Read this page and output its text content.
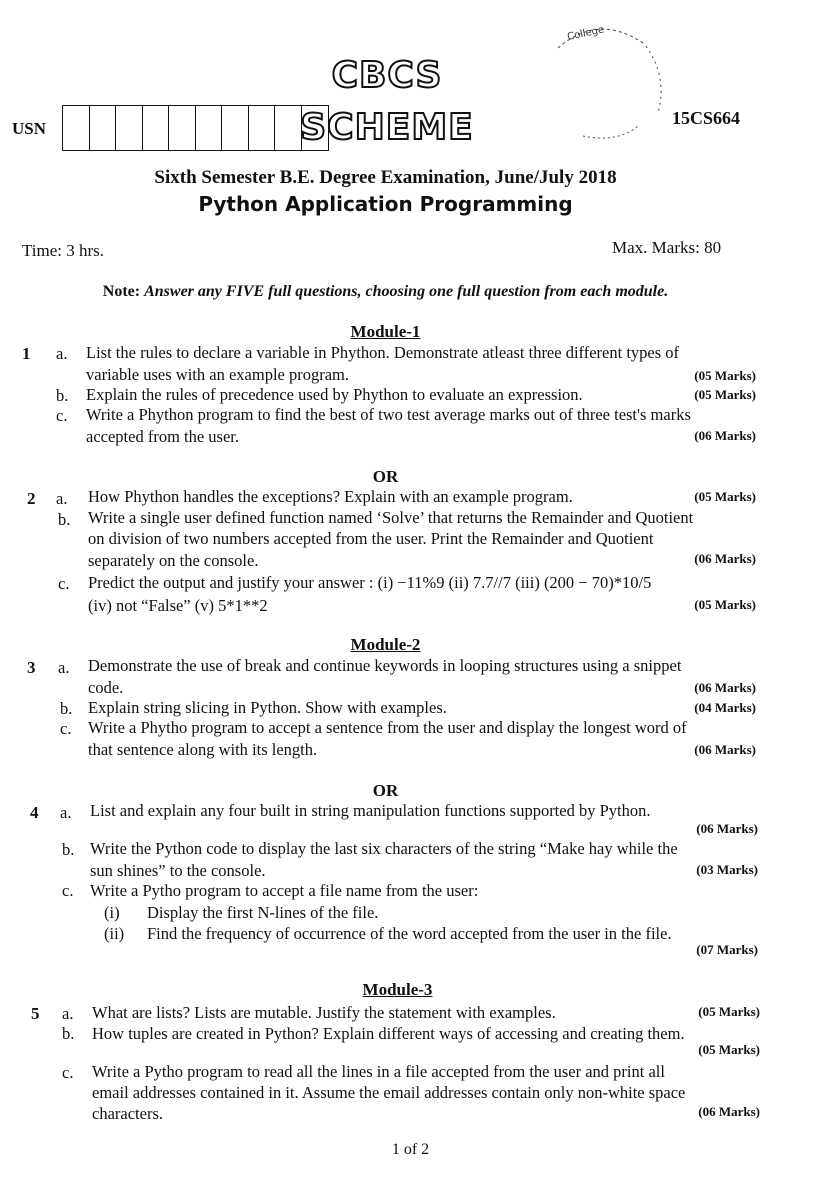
CBCS SCHEME
College
USN
15CS664
Sixth Semester B.E. Degree Examination, June/July 2018
Python Application Programming
Time: 3 hrs.	Max. Marks: 80
Note: Answer any FIVE full questions, choosing one full question from each module.
Module-1
1 a. List the rules to declare a variable in Phython. Demonstrate atleast three different types of
variable uses with an example program.	(05 Marks)
b. Explain the rules of precedence used by Phython to evaluate an expression.	(05 Marks)
c. Write a Phython program to find the best of two test average marks out of three test's marks
accepted from the user.	(06 Marks)
OR
2 a. How Phython handles the exceptions? Explain with an example program.	(05 Marks)
b. Write a single user defined function named ‘Solve’ that returns the Remainder and Quotient
on division of two numbers accepted from the user. Print the Remainder and Quotient
separately on the console.	(06 Marks)
c. Predict the output and justify your answer : (i) −11%9 (ii) 7.7//7 (iii) (200 − 70)*10/5
(iv) not “False” (v) 5*1**2	(05 Marks)
Module-2
3 a. Demonstrate the use of break and continue keywords in looping structures using a snippet
code.	(06 Marks)
b. Explain string slicing in Python. Show with examples.	(04 Marks)
c. Write a Phytho program to accept a sentence from the user and display the longest word of
that sentence along with its length.	(06 Marks)
OR
4 a. List and explain any four built in string manipulation functions supported by Python.
(06 Marks)
b. Write the Python code to display the last six characters of the string “Make hay while the
sun shines” to the console.	(03 Marks)
c. Write a Pytho program to accept a file name from the user:
(i) Display the first N-lines of the file.
(ii) Find the frequency of occurrence of the word accepted from the user in the file.
(07 Marks)
Module-3
5 a. What are lists? Lists are mutable. Justify the statement with examples.	(05 Marks)
b. How tuples are created in Python? Explain different ways of accessing and creating them.
(05 Marks)
c. Write a Pytho program to read all the lines in a file accepted from the user and print all
email addresses contained in it. Assume the email addresses contain only non-white space
characters.	(06 Marks)
1 of 2
